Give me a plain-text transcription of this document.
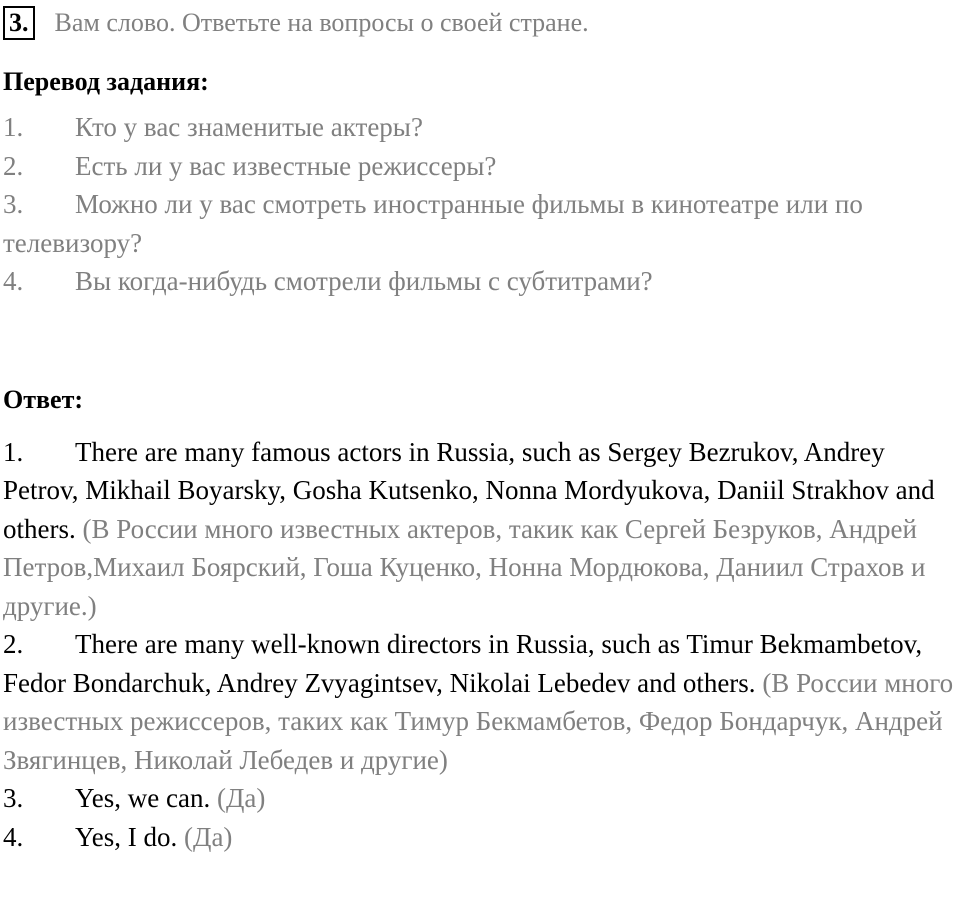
3. Вам слово. Ответьте на вопросы о своей стране.
Перевод задания:
1. Кто у вас знаменитые актеры?
2. Есть ли у вас известные режиссеры?
3. Можно ли у вас смотреть иностранные фильмы в кинотеатре или по телевизору?
4. Вы когда-нибудь смотрели фильмы с субтитрами?
Ответ:
1. There are many famous actors in Russia, such as Sergey Bezrukov, Andrey Petrov, Mikhail Boyarsky, Gosha Kutsenko, Nonna Mordyukova, Daniil Strakhov and others. (В России много известных актеров, такик как Сергей Безруков, Андрей Петров,Михаил Боярский, Гоша Куценко, Нонна Мордюкова, Даниил Страхов и другие.)
2. There are many well-known directors in Russia, such as Timur Bekmambetov, Fedor Bondarchuk, Andrey Zvyagintsev, Nikolai Lebedev and others. (В России много известных режиссеров, таких как Тимур Бекмамбетов, Федор Бондарчук, Андрей Звягинцев, Николай Лебедев и другие)
3. Yes, we can. (Да)
4. Yes, I do. (Да)
